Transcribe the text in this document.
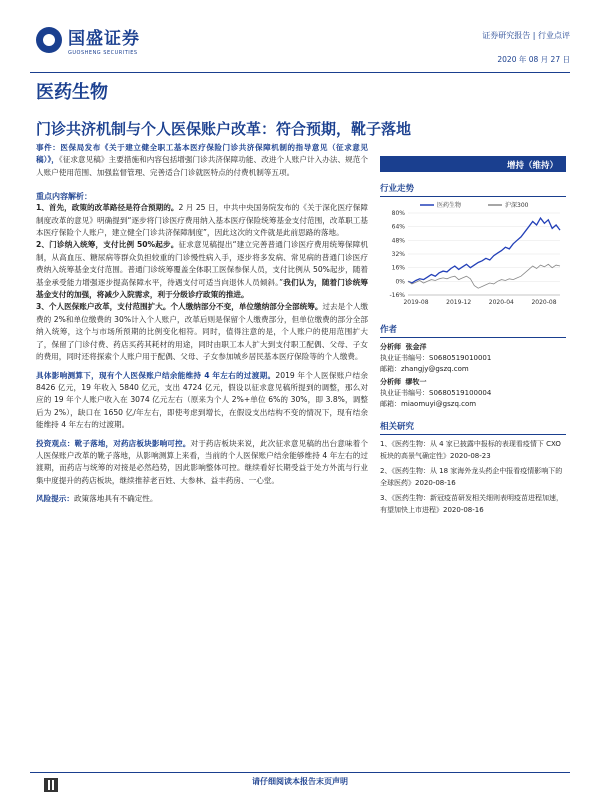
国盛证券
GUOSHENG SECURITIES
证券研究报告 | 行业点评
2020 年 08 月 27 日
医药生物
门诊共济机制与个人医保账户改革：符合预期，靴子落地

事件：医保局发布《关于建立健全职工基本医疗保险门诊共济保障机制的指导意见（征求意见稿）》，《征求意见稿》主要措施和内容包括增强门诊共济保障功能、改进个人账户计入办法、规范个人账户使用范围、加强监督管理、完善适合门诊就医特点的付费机制等五项。

重点内容解析：

1、首先，政策的改革路径是符合预期的。2 月 25 日，中共中央国务院发布的《关于深化医疗保障制度改革的意见》明确提到“逐步将门诊医疗费用纳入基本医疗保险统筹基金支付范围，改革职工基本医疗保险个人账户，建立健全门诊共济保障制度”，因此这次的文件就是此前思路的落地。

2、门诊纳入统筹，支付比例 50%起步。征求意见稿提出“建立完善普通门诊医疗费用统筹保障机制，从高血压、糖尿病等群众负担较重的门诊慢性病入手，逐步将多发病、常见病的普通门诊医疗费纳入统筹基金支付范围。普通门诊统筹覆盖全体职工医保参保人员，支付比例从 50%起步，随着基金承受能力增强逐步提高保障水平，待遇支付可适当向退休人员倾斜。”我们认为，随着门诊统筹基金支付的加强，将减少入院需求，利于分级诊疗政策的推进。

3、个人医保账户改革，支付范围扩大。个人缴纳部分不变，单位缴纳部分全部统筹。过去是个人缴费的 2%和单位缴费的 30%计入个人账户，改革后则是保留个人缴费部分，但单位缴费的部分全部纳入统筹，这个与市场所预期的比例变化相符。同时，值得注意的是，个人账户的使用范围扩大了，保留了门诊付费、药店买药其耗材的用途，同时由职工本人扩大到支付职工配偶、父母、子女的费用，同时还将探索个人账户用于配偶、父母、子女参加城乡居民基本医疗保险等的个人缴费。

具体影响测算下，现有个人医保账户结余能维持 4 年左右的过渡期。2019 年个人医保账户结余 8426 亿元，19 年收入 5840 亿元，支出 4724 亿元，假设以征求意见稿所提到的调整，那么对应的 19 年个人账户收入在 3074 亿元左右（原来为个人 2%+单位 6%的 30%，即 3.8%，调整后为 2%），缺口在 1650 亿/年左右，即使考虑到增长，在假设支出结构不变的情况下，现有结余能维持 4 年左右的过渡期。

投资观点：靴子落地，对药店板块影响可控。对于药店板块来说，此次征求意见稿的出台意味着个人医保账户改革的靴子落地，从影响测算上来看，当前的个人医保账户结余能够维持 4 年左右的过渡期，而药店与统筹的对接是必然趋势，因此影响整体可控。继续看好长期受益于处方外流与行业集中度提升的药店板块，继续推荐老百姓、大参林、益丰药房、一心堂。

风险提示：政策落地具有不确定性。

增持（维持）
行业走势
-16%
0%
16%
32%
48%
64%
80%
2019-08	2019-12	2020-04	2020-08
医药生物	沪深300
作者
分析师 张金洋
执业证书编号：S0680519010001
邮箱：zhangjy@gszq.com
分析师 缪牧一
执业证书编号：S0680519100004
邮箱：miaomuyi@gszq.com
相关研究
1、《医药生物：从 4 家已披露中报标的表现看疫情下 CXO 板块的高景气确定性》2020-08-23
2、《医药生物：从 18 家海外龙头药企中报看疫情影响下的全球医药》2020-08-16
3、《医药生物：新冠疫苗研发相关细则表明疫苗进程加速，有望加快上市进程》2020-08-16
请仔细阅读本报告末页声明
